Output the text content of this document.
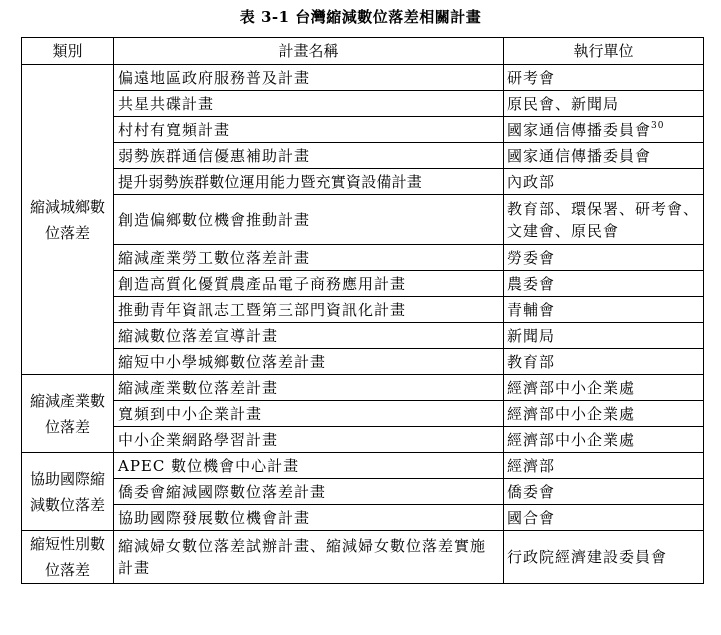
表 3-1 台灣縮減數位落差相關計畫
類別	計畫名稱	執行單位
縮減城鄉數位落差	偏遠地區政府服務普及計畫	研考會
	共星共碟計畫	原民會、新聞局
	村村有寬頻計畫	國家通信傳播委員會$^{30}$
	弱勢族群通信優惠補助計畫	國家通信傳播委員會
	提升弱勢族群數位運用能力暨充實資設備計畫	內政部
	創造偏鄉數位機會推動計畫	教育部、環保署、研考會、文建會、原民會
	縮減產業勞工數位落差計畫	勞委會
	創造高質化優質農產品電子商務應用計畫	農委會
	推動青年資訊志工暨第三部門資訊化計畫	青輔會
	縮減數位落差宣導計畫	新聞局
	縮短中小學城鄉數位落差計畫	教育部
縮減產業數位落差	縮減產業數位落差計畫	經濟部中小企業處
	寬頻到中小企業計畫	經濟部中小企業處
	中小企業網路學習計畫	經濟部中小企業處
協助國際縮減數位落差	APEC 數位機會中心計畫	經濟部
	僑委會縮減國際數位落差計畫	僑委會
	協助國際發展數位機會計畫	國合會
縮短性別數位落差	縮減婦女數位落差試辦計畫、縮減婦女數位落差實施計畫	行政院經濟建設委員會
